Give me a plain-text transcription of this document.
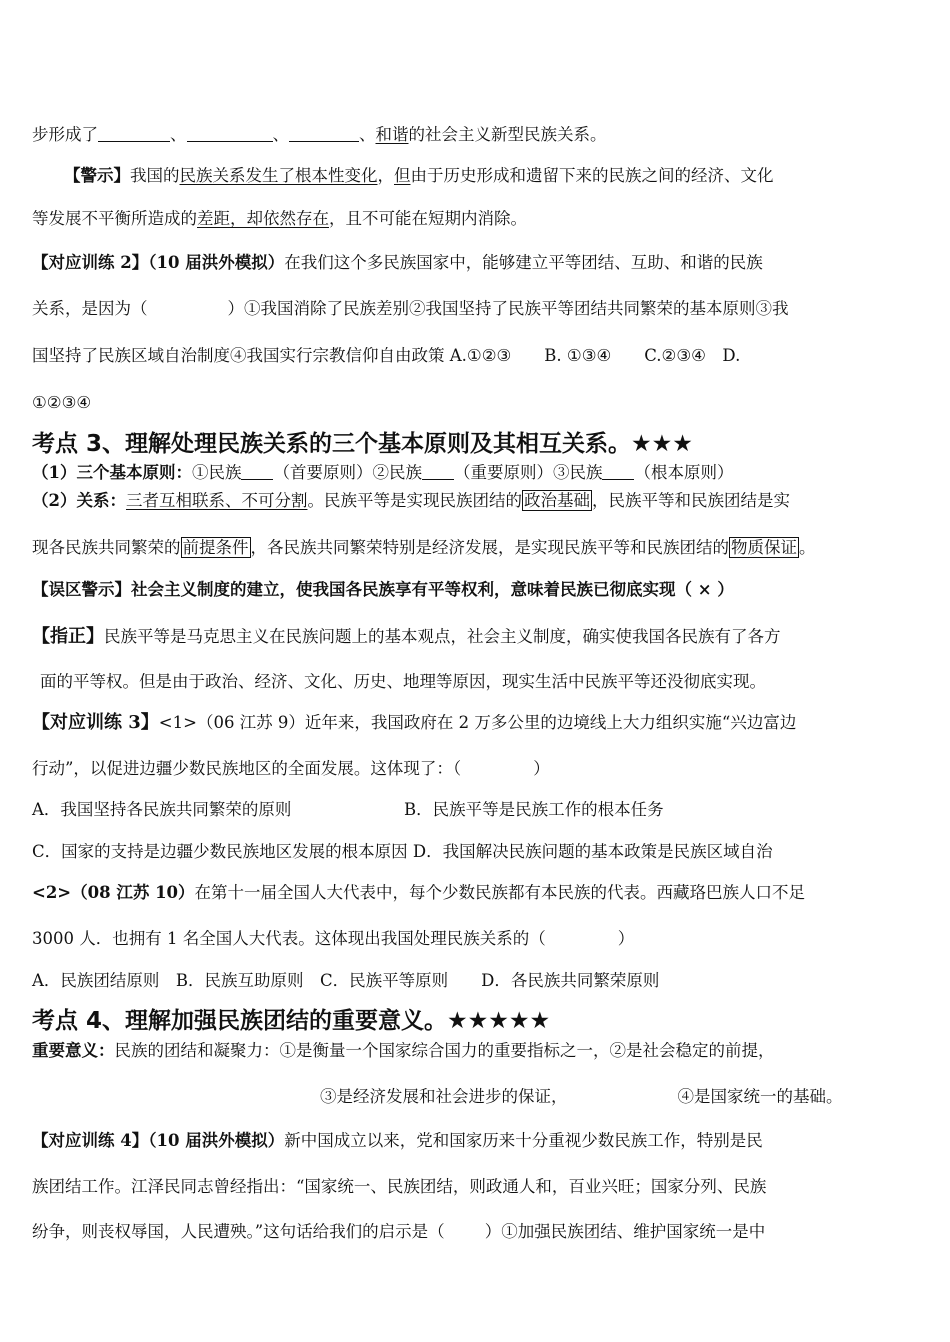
步形成了	、	、	、和谐的社会主义新型民族关系。
【警示】我国的民族关系发生了根本性变化，但由于历史形成和遗留下来的民族之间的经济、文化
等发展不平衡所造成的差距，却依然存在，且不可能在短期内消除。
【对应训练 2】（10 届洪外模拟）在我们这个多民族国家中，能够建立平等团结、互助、和谐的民族
关系，是因为（	）①我国消除了民族差别②我国坚持了民族平等团结共同繁荣的基本原则③我
国坚持了民族区域自治制度④我国实行宗教信仰自由政策 A.①②③　　B. ①③④　　C.②③④　D.
①②③④
考点 3、理解处理民族关系的三个基本原则及其相互关系。★★★
（1）三个基本原则：①民族 （首要原则）②民族 （重要原则）③民族 （根本原则）
（2）关系：三者互相联系、不可分割。民族平等是实现民族团结的 政治基础 ，民族平等和民族团结是实
现各民族共同繁荣的 前提条件 ，各民族共同繁荣特别是经济发展，是实现民族平等和民族团结的 物质保证 。
【误区警示】社会主义制度的建立，使我国各民族享有平等权利，意味着民族已彻底实现（ × ）
【指正】民族平等是马克思主义在民族问题上的基本观点，社会主义制度，确实使我国各民族有了各方
面的平等权。但是由于政治、经济、文化、历史、地理等原因，现实生活中民族平等还没彻底实现。
【对应训练 3】<1>（06 江苏 9）近年来，我国政府在 2 万多公里的边境线上大力组织实施“兴边富边
行动”，以促进边疆少数民族地区的全面发展。这体现了：（	）
A．我国坚持各民族共同繁荣的原则	B．民族平等是民族工作的根本任务
C．国家的支持是边疆少数民族地区发展的根本原因 D．我国解决民族问题的基本政策是民族区域自治
<2>（08 江苏 10）在第十一届全国人大代表中，每个少数民族都有本民族的代表。西藏珞巴族人口不足
3000 人．也拥有 1 名全国人大代表。这体现出我国处理民族关系的（	）
A．民族团结原则　B．民族互助原则　C．民族平等原则　　D．各民族共同繁荣原则
考点 4、理解加强民族团结的重要意义。★★★★★
重要意义：民族的团结和凝聚力：①是衡量一个国家综合国力的重要指标之一，②是社会稳定的前提，
③是经济发展和社会进步的保证，	④是国家统一的基础。
【对应训练 4】（10 届洪外模拟）新中国成立以来，党和国家历来十分重视少数民族工作，特别是民
族团结工作。江泽民同志曾经指出：“国家统一、民族团结，则政通人和，百业兴旺；国家分列、民族
纷争，则丧权辱国，人民遭殃。”这句话给我们的启示是（ ）①加强民族团结、维护国家统一是中
